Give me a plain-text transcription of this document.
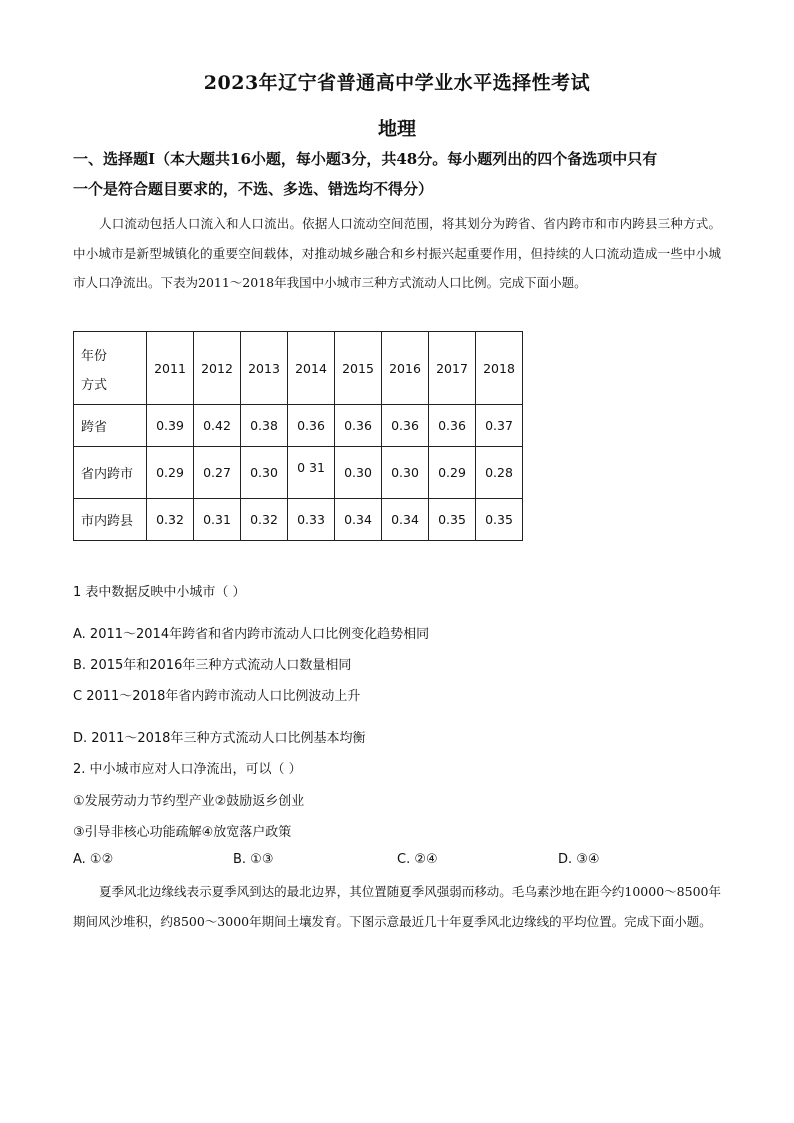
2023年辽宁省普通高中学业水平选择性考试
地理
一、选择题Ⅰ（本大题共16小题，每小题3分，共48分。每小题列出的四个备选项中只有
一个是符合题目要求的，不选、多选、错选均不得分）
人口流动包括人口流入和人口流出。依据人口流动空间范围，将其划分为跨省、省内跨市和市内跨县三种方式。中小城市是新型城镇化的重要空间载体，对推动城乡融合和乡村振兴起重要作用，但持续的人口流动造成一些中小城市人口净流出。下表为2011～2018年我国中小城市三种方式流动人口比例。完成下面小题。
年份
方式	2011	2012	2013	2014	2015	2016	2017	2018
跨省	0.39	0.42	0.38	0.36	0.36	0.36	0.36	0.37
省内跨市	0.29	0.27	0.30	0 31	0.30	0.30	0.29	0.28
市内跨县	0.32	0.31	0.32	0.33	0.34	0.34	0.35	0.35
1 表中数据反映中小城市（ ）
A. 2011～2014年跨省和省内跨市流动人口比例变化趋势相同
B. 2015年和2016年三种方式流动人口数量相同
C 2011～2018年省内跨市流动人口比例波动上升
D. 2011～2018年三种方式流动人口比例基本均衡
2. 中小城市应对人口净流出，可以（ ）
①发展劳动力节约型产业②鼓励返乡创业
③引导非核心功能疏解④放宽落户政策
A. ①②	B. ①③	C. ②④	D. ③④
夏季风北边缘线表示夏季风到达的最北边界，其位置随夏季风强弱而移动。毛乌素沙地在距今约10000～8500年期间风沙堆积，约8500～3000年期间土壤发育。下图示意最近几十年夏季风北边缘线的平均位置。完成下面小题。
